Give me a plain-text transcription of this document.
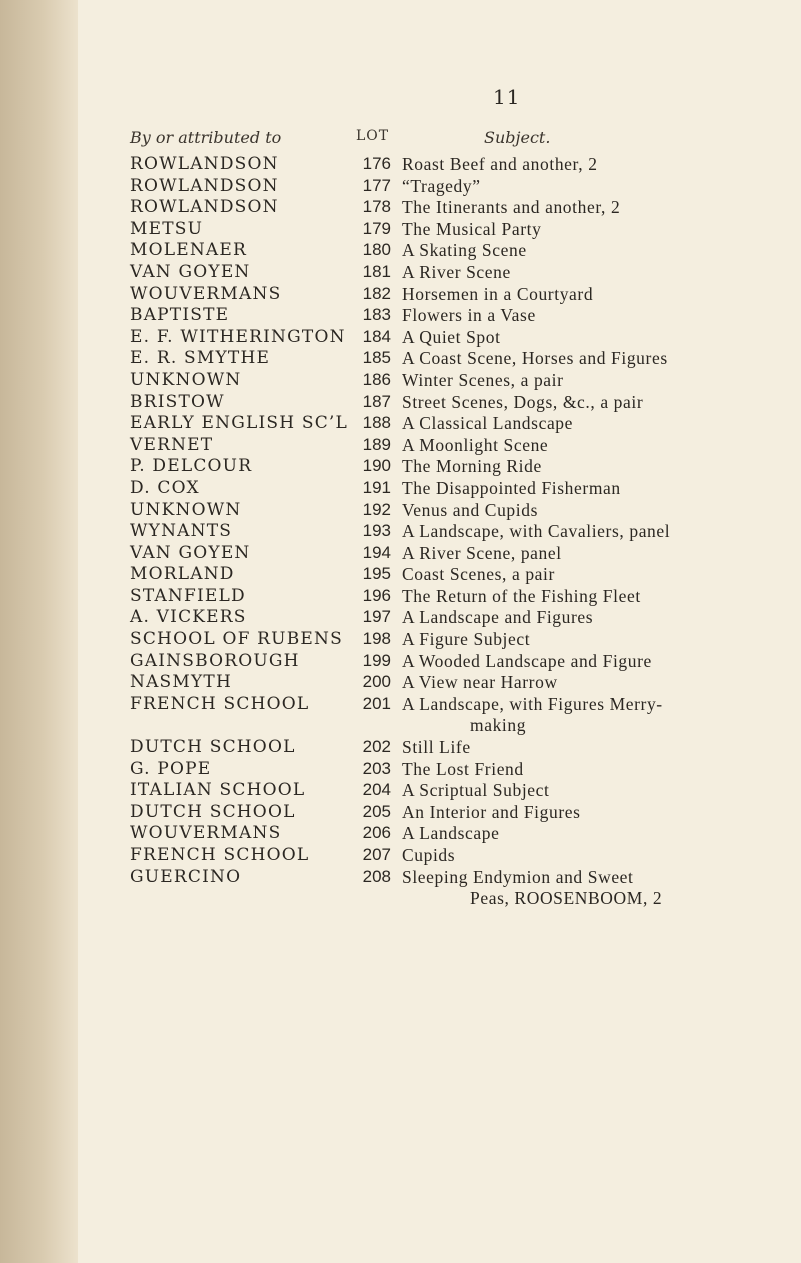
11
By or attributed to	LOT	Subject.
ROWLANDSON	176 Roast Beef and another, 2
ROWLANDSON	177 “Tragedy”
ROWLANDSON	178 The Itinerants and another, 2
METSU	179 The Musical Party
MOLENAER	180 A Skating Scene
VAN GOYEN	181 A River Scene
WOUVERMANS	182 Horsemen in a Courtyard
BAPTISTE	183 Flowers in a Vase
E. F. WITHERINGTON 184 A Quiet Spot
E. R. SMYTHE	185 A Coast Scene, Horses and Figures
UNKNOWN	186 Winter Scenes, a pair
BRISTOW	187 Street Scenes, Dogs, &c., a pair
EARLY ENGLISH SC’L 188 A Classical Landscape
VERNET	189 A Moonlight Scene
P. DELCOUR	190 The Morning Ride
D. COX	191 The Disappointed Fisherman
UNKNOWN	192 Venus and Cupids
WYNANTS	193 A Landscape, with Cavaliers, panel
VAN GOYEN	194 A River Scene, panel
MORLAND	195 Coast Scenes, a pair
STANFIELD	196 The Return of the Fishing Fleet
A. VICKERS	197 A Landscape and Figures
SCHOOL OF RUBENS	198 A Figure Subject
GAINSBOROUGH	199 A Wooded Landscape and Figure
NASMYTH	200 A View near Harrow
FRENCH SCHOOL	201 A Landscape, with Figures Merry-
making
DUTCH SCHOOL	202 Still Life
G. POPE	203 The Lost Friend
ITALIAN SCHOOL	204 A Scriptual Subject
DUTCH SCHOOL	205 An Interior and Figures
WOUVERMANS	206 A Landscape
FRENCH SCHOOL	207 Cupids
GUERCINO	208 Sleeping Endymion and Sweet
Peas, ROOSENBOOM, 2
